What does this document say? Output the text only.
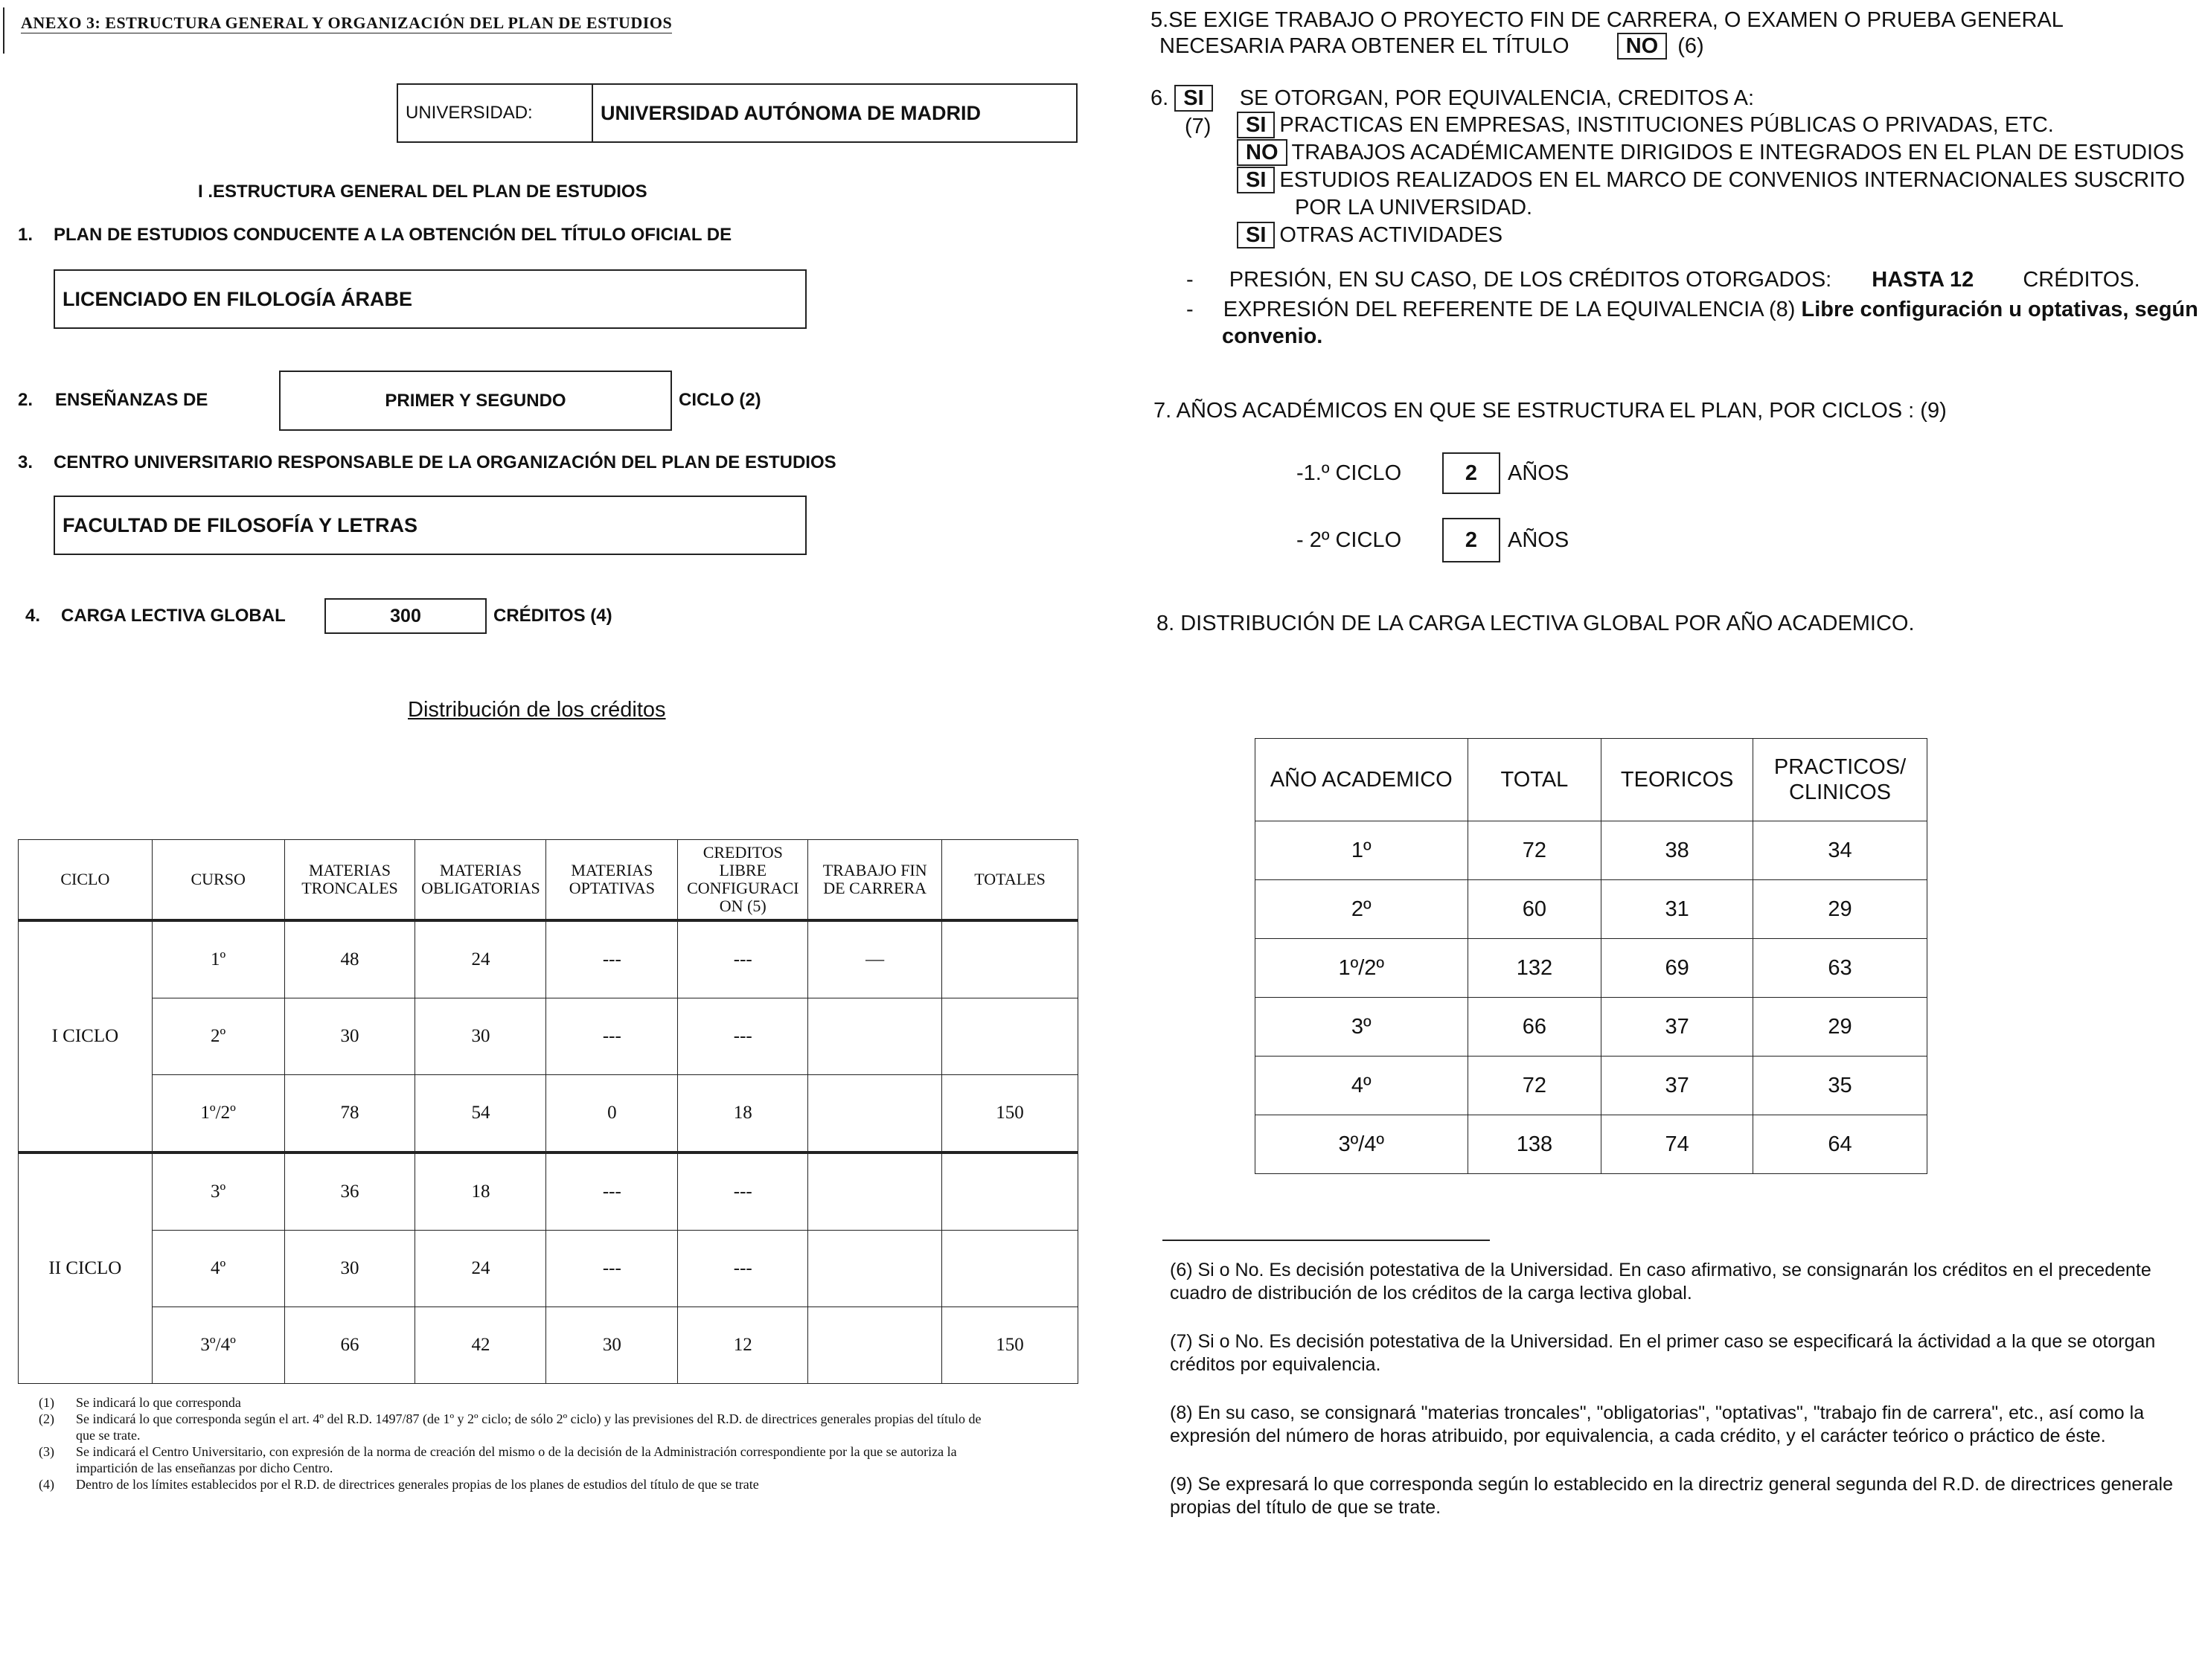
ANEXO 3: ESTRUCTURA GENERAL Y ORGANIZACIÓN DEL PLAN DE ESTUDIOS
UNIVERSIDAD:	UNIVERSIDAD AUTÓNOMA DE MADRID
I .ESTRUCTURA GENERAL DEL PLAN DE ESTUDIOS
1. PLAN DE ESTUDIOS CONDUCENTE A LA OBTENCIÓN DEL TÍTULO OFICIAL DE
LICENCIADO EN FILOLOGÍA ÁRABE
2. ENSEÑANZAS DE	PRIMER Y SEGUNDO	CICLO (2)
3. CENTRO UNIVERSITARIO RESPONSABLE DE LA ORGANIZACIÓN DEL PLAN DE ESTUDIOS
FACULTAD DE FILOSOFÍA Y LETRAS
4. CARGA LECTIVA GLOBAL	300	CRÉDITOS (4)
Distribución de los créditos
CICLO	CURSO	MATERIAS TRONCALES	MATERIAS OBLIGATORIAS	MATERIAS OPTATIVAS	CREDITOS LIBRE CONFIGURACI ON (5)	TRABAJO FIN DE CARRERA	TOTALES
I CICLO	1º	48	24	---	---	—	
	2º	30	30	---	---		
	1º/2º	78	54	0	18		150
II CICLO	3º	36	18	---	---		
	4º	30	24	---	---		
	3º/4º	66	42	30	12		150
(1)	Se indicará lo que corresponda
(2)	Se indicará lo que corresponda según el art. 4º del R.D. 1497/87 (de 1º y 2º ciclo; de sólo 2º ciclo) y las previsiones del R.D. de directrices generales propias del título de que se trate.
(3)	Se indicará el Centro Universitario, con expresión de la norma de creación del mismo o de la decisión de la Administración correspondiente por la que se autoriza la impartición de las enseñanzas por dicho Centro.
(4)	Dentro de los límites establecidos por el R.D. de directrices generales propias de los planes de estudios del título de que se trate
5.SE EXIGE TRABAJO O PROYECTO FIN DE CARRERA, O EXAMEN O PRUEBA GENERAL
NECESARIA PARA OBTENER EL TÍTULO	NO (6)
6. SI SE OTORGAN, POR EQUIVALENCIA, CREDITOS A:
(7)	SI PRACTICAS EN EMPRESAS, INSTITUCIONES PÚBLICAS O PRIVADAS, ETC.
NO TRABAJOS ACADÉMICAMENTE DIRIGIDOS E INTEGRADOS EN EL PLAN DE ESTUDIOS
SI ESTUDIOS REALIZADOS EN EL MARCO DE CONVENIOS INTERNACIONALES SUSCRITO
POR LA UNIVERSIDAD.
SI OTRAS ACTIVIDADES
- PRESIÓN, EN SU CASO, DE LOS CRÉDITOS OTORGADOS: HASTA 12 CRÉDITOS.
- EXPRESIÓN DEL REFERENTE DE LA EQUIVALENCIA (8) Libre configuración u optativas, según
convenio.
7. AÑOS ACADÉMICOS EN QUE SE ESTRUCTURA EL PLAN, POR CICLOS : (9)
-1.º CICLO	2	AÑOS
- 2º CICLO	2	AÑOS
8. DISTRIBUCIÓN DE LA CARGA LECTIVA GLOBAL POR AÑO ACADEMICO.
AÑO ACADEMICO	TOTAL	TEORICOS	PRACTICOS/ CLINICOS
1º	72	38	34
2º	60	31	29
1º/2º	132	69	63
3º	66	37	29
4º	72	37	35
3º/4º	138	74	64
(6) Si o No. Es decisión potestativa de la Universidad. En caso afirmativo, se consignarán los créditos en el precedente cuadro de distribución de los créditos de la carga lectiva global.
(7) Si o No. Es decisión potestativa de la Universidad. En el primer caso se especificará la áctividad a la que se otorgan créditos por equivalencia.
(8) En su caso, se consignará "materias troncales", "obligatorias", "optativas", "trabajo fin de carrera", etc., así como la expresión del número de horas atribuido, por equivalencia, a cada crédito, y el carácter teórico o práctico de éste.
(9) Se expresará lo que corresponda según lo establecido en la directriz general segunda del R.D. de directrices generale propias del título de que se trate.
